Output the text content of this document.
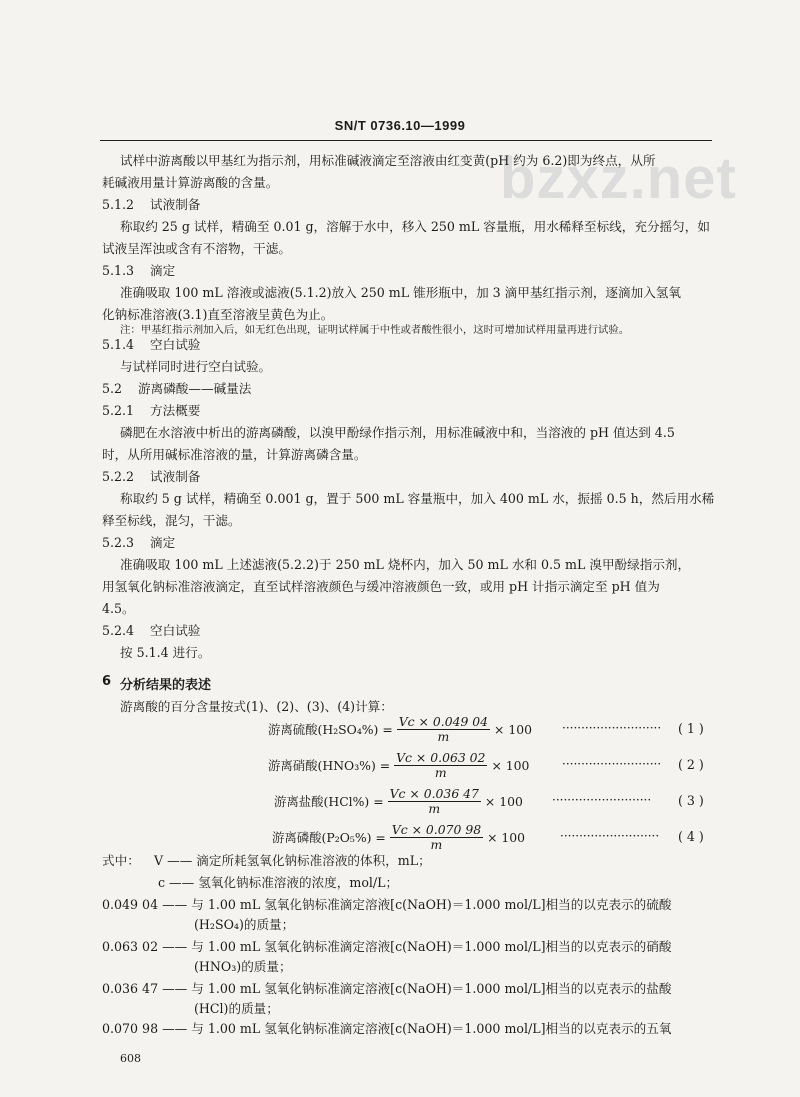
SN/T 0736.10—1999
bzxz.net
试样中游离酸以甲基红为指示剂，用标准碱液滴定至溶液由红变黄(pH 约为 6.2)即为终点，从所
耗碱液用量计算游离酸的含量。
5.1.2 试液制备
称取约 25 g 试样，精确至 0.01 g，溶解于水中，移入 250 mL 容量瓶，用水稀释至标线，充分摇匀，如
试液呈浑浊或含有不溶物，干滤。
5.1.3 滴定
准确吸取 100 mL 溶液或滤液(5.1.2)放入 250 mL 锥形瓶中，加 3 滴甲基红指示剂，逐滴加入氢氧
化钠标准溶液(3.1)直至溶液呈黄色为止。
注：甲基红指示剂加入后，如无红色出现，证明试样属于中性或者酸性很小，这时可增加试样用量再进行试验。
5.1.4 空白试验
与试样同时进行空白试验。
5.2 游离磷酸——碱量法
5.2.1 方法概要
磷肥在水溶液中析出的游离磷酸，以溴甲酚绿作指示剂，用标准碱液中和，当溶液的 pH 值达到 4.5
时，从所用碱标准溶液的量，计算游离磷含量。
5.2.2 试液制备
称取约 5 g 试样，精确至 0.001 g，置于 500 mL 容量瓶中，加入 400 mL 水，振摇 0.5 h，然后用水稀
释至标线，混匀，干滤。
5.2.3 滴定
准确吸取 100 mL 上述滤液(5.2.2)于 250 mL 烧杯内，加入 50 mL 水和 0.5 mL 溴甲酚绿指示剂，
用氢氧化钠标准溶液滴定，直至试样溶液颜色与缓冲溶液颜色一致，或用 pH 计指示滴定至 pH 值为
4.5。
5.2.4 空白试验
按 5.1.4 进行。
6 分析结果的表述
游离酸的百分含量按式(1)、(2)、(3)、(4)计算：
游离硫酸$(H_2SO_4\%) = \frac{Vc \times 0.049 04}{m} \times 100$ ·························· ( 1 )
游离硝酸$(HNO_3\%) = \frac{Vc \times 0.063 02}{m} \times 100$	·························· ( 2 )
游离盐酸$(HCl\%) = \frac{Vc \times 0.036 47}{m} \times 100$ ·························· ( 3 )
游离磷酸$(P_2O_5\%) = \frac{Vc \times 0.070 98}{m} \times 100$	·························· ( 4 )
式中： V —— 滴定所耗氢氧化钠标准溶液的体积，mL；
c —— 氢氧化钠标准溶液的浓度，mol/L；
0.049 04 —— 与 1.00 mL 氢氧化钠标准滴定溶液[c(NaOH)＝1.000 mol/L]相当的以克表示的硫酸
(H₂SO₄)的质量；
0.063 02 —— 与 1.00 mL 氢氧化钠标准滴定溶液[c(NaOH)＝1.000 mol/L]相当的以克表示的硝酸
(HNO₃)的质量；
0.036 47 —— 与 1.00 mL 氢氧化钠标准滴定溶液[c(NaOH)＝1.000 mol/L]相当的以克表示的盐酸
(HCl)的质量；
0.070 98 —— 与 1.00 mL 氢氧化钠标准滴定溶液[c(NaOH)＝1.000 mol/L]相当的以克表示的五氧
608
